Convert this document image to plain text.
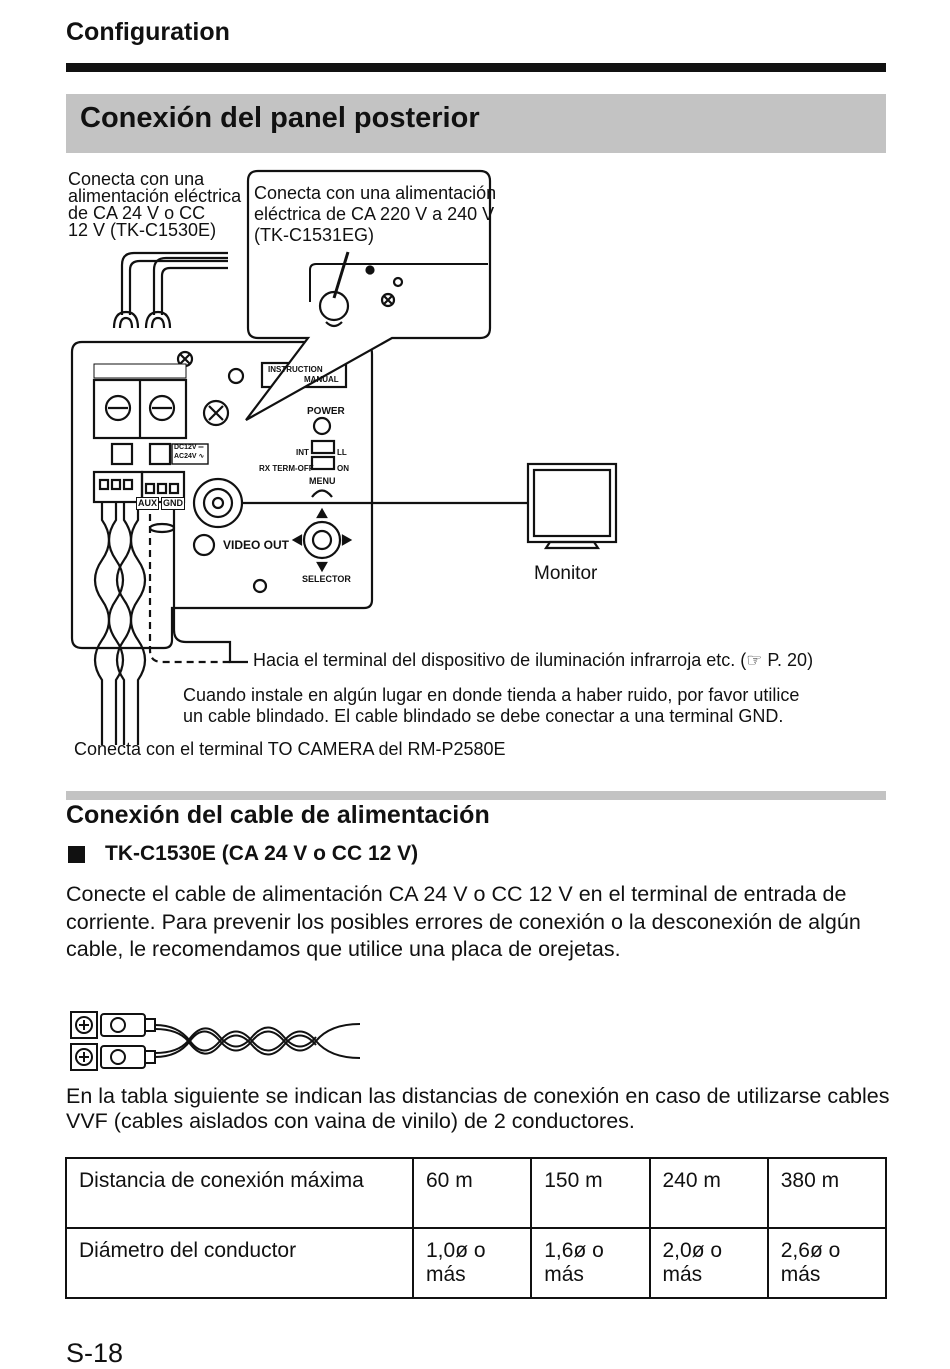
Configuration
Conexión del panel posterior
Conecta con una
alimentación eléctrica
de CA 24 V o CC
12 V (TK-C1530E)
Conecta con una alimentación
eléctrica de CA 220 V a 240 V
(TK-C1531EG)
Monitor
Hacia el terminal del dispositivo de iluminación infrarroja etc. (☞ P. 20)
Cuando instale en algún lugar en donde tienda a haber ruido, por favor utilice
un cable blindado. El cable blindado se debe conectar a una terminal GND.
Conecta con el terminal TO CAMERA del RM-P2580E
POWER
INT	LL
RX TERM-OFF	ON
MENU
VIDEO OUT
SELECTOR
AUX GND
DC12V ═
AC24V ∿
INSTRUCTION
MANUAL
Conexión del cable de alimentación
TK-C1530E (CA 24 V o CC 12 V)
Conecte el cable de alimentación CA 24 V o CC 12 V en el terminal de entrada de corriente. Para prevenir los posibles errores de conexión o la desconexión de algún cable, le recomendamos que utilice una placa de orejetas.
En la tabla siguiente se indican las distancias de conexión en caso de utilizarse cables VVF (cables aislados con vaina de vinilo) de 2 conductores.
Distancia de conexión máxima	60 m	150 m	240 m	380 m
Diámetro del conductor	1,0ø o más	1,6ø o más	2,0ø o más	2,6ø o más
S-18
